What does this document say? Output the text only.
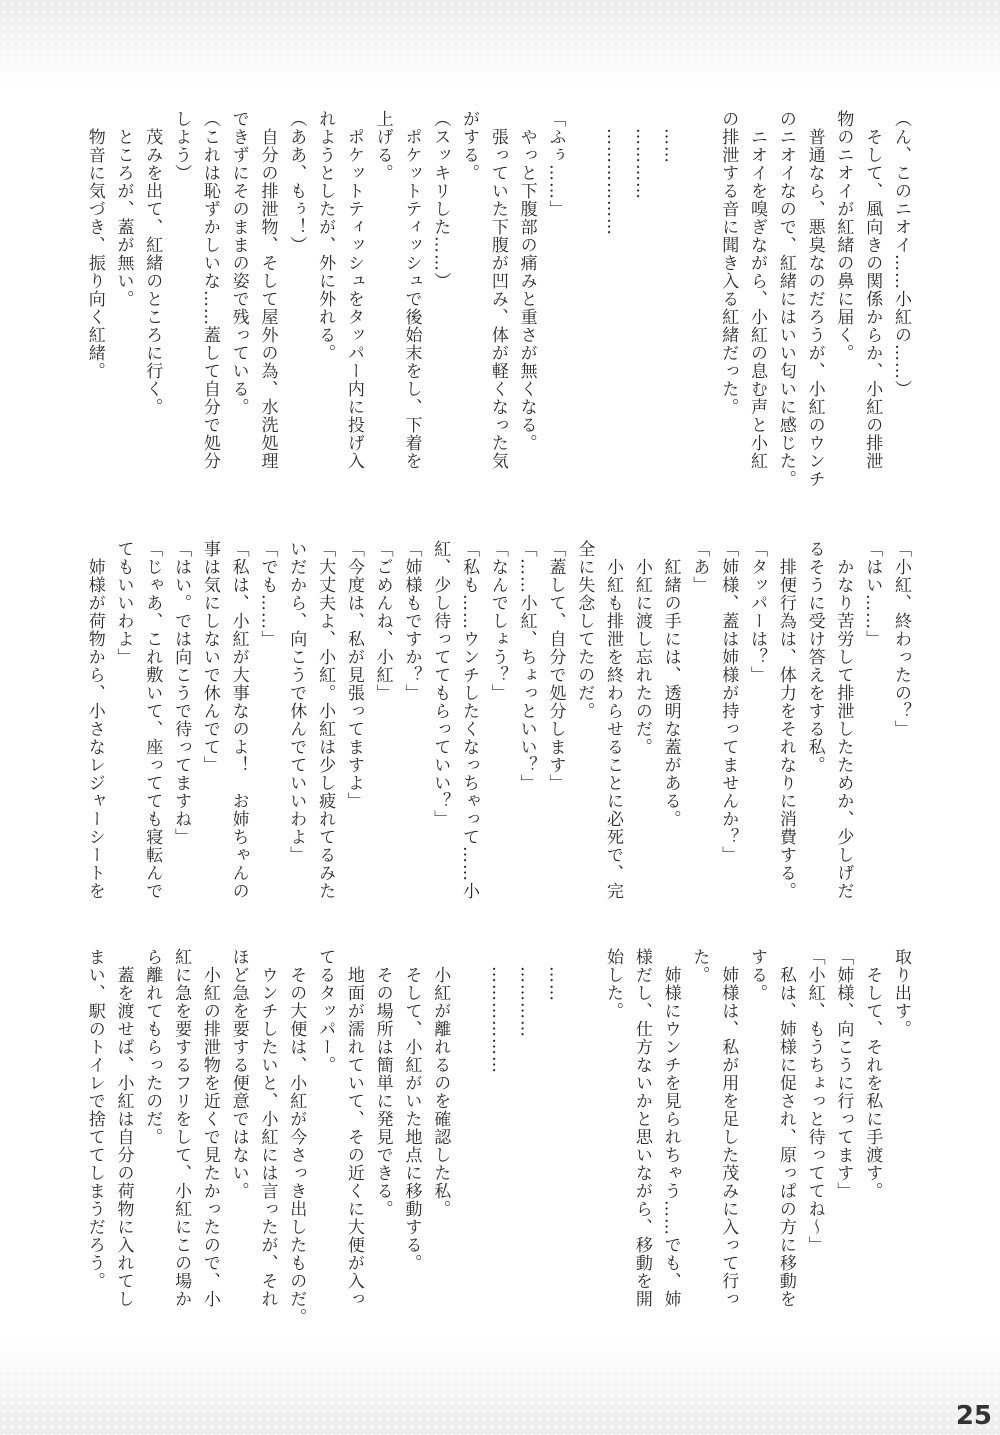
（ん、このニオイ……小紅の……）
　そして、風向きの関係からか、小紅の排泄
物のニオイが紅緒の鼻に届く。
　普通なら、悪臭なのだろうが、小紅のウンチ
のニオイなので、紅緒にはいい匂いに感じた。
　ニオイを嗅ぎながら、小紅の息む声と小紅
の排泄する音に聞き入る紅緒だった。
　……
　…………
　………………
「ふぅ……」
　やっと下腹部の痛みと重さが無くなる。
　張っていた下腹が凹み、体が軽くなった気
がする。
（スッキリした……）
　ポケットティッシュで後始末をし、下着を
上げる。
　ポケットティッシュをタッパー内に投げ入
れようとしたが、外に外れる。
（ああ、もぅ！）
　自分の排泄物、そして屋外の為、水洗処理
できずにそのままの姿で残っている。
（これは恥ずかしいな……蓋して自分で処分
しよう）
　茂みを出て、紅緒のところに行く。
　ところが、蓋が無い。
　物音に気づき、振り向く紅緒。
「小紅、終わったの？」
「はい……」
　かなり苦労して排泄したためか、少しげだ
るそうに受け答えをする私。
　排便行為は、体力をそれなりに消費する。
「タッパーは？」
「姉様、蓋は姉様が持ってませんか？」
「あ」
　紅緒の手には、透明な蓋がある。
　小紅に渡し忘れたのだ。
　小紅も排泄を終わらせることに必死で、完
全に失念してたのだ。
「蓋して、自分で処分します」
「……小紅、ちょっといい？」
「なんでしょう？」
「私も……ウンチしたくなっちゃって……小
紅、少し待っててもらっていい？」
「姉様もですか？」
「ごめんね、小紅」
「今度は、私が見張ってますよ」
「大丈夫よ、小紅。小紅は少し疲れてるみた
いだから、向こうで休んでていいわよ」
「でも……」
「私は、小紅が大事なのよ！　お姉ちゃんの
事は気にしないで休んでて」
「はい。では向こうで待ってますね」
「じゃあ、これ敷いて、座ってても寝転んで
てもいいわよ」
　姉様が荷物から、小さなレジャーシートを
取り出す。
　そして、それを私に手渡す。
「姉様、向こうに行ってます」
「小紅、もうちょっと待っててね～」
　私は、姉様に促され、原っぱの方に移動を
する。
　姉様は、私が用を足した茂みに入って行っ
た。
　姉様にウンチを見られちゃう……でも、姉
様だし、仕方ないかと思いながら、移動を開
始した。
　……
　…………
　………………
　小紅が離れるのを確認した私。
　そして、小紅がいた地点に移動する。
　その場所は簡単に発見できる。
　地面が濡れていて、その近くに大便が入っ
てるタッパー。
　その大便は、小紅が今さっき出したものだ。
　ウンチしたいと、小紅には言ったが、それ
ほど急を要する便意ではない。
　小紅の排泄物を近くで見たかったので、小
紅に急を要するフリをして、小紅にこの場か
ら離れてもらったのだ。
　蓋を渡せば、小紅は自分の荷物に入れてし
まい、駅のトイレで捨ててしまうだろう。
25
